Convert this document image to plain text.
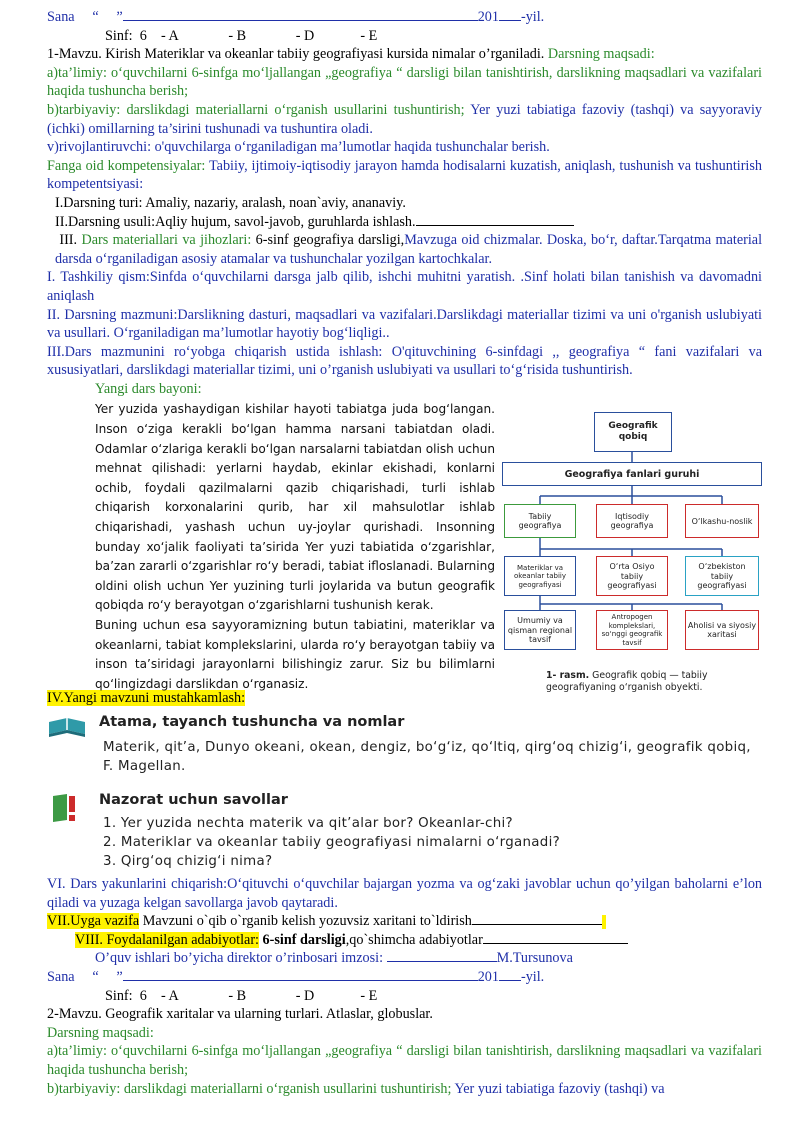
Sana “ ”	201 -yil.

Sinf: 6 - A	- B	- D	- E

1-Mavzu. Kirish Materiklar va okeanlar tabiiy geografiyasi kursida nimalar o’rganiladi. Darsning maqsadi:

a)ta’limiy: o‘quvchilarni 6-sinfga mo‘ljallangan „geografiya “ darsligi bilan tanishtirish, darslikning maqsadlari va vazifalari haqida tushuncha berish;

b)tarbiyaviy: darslikdagi materiallarni o‘rganish usullarini tushuntirish; Yer yuzi tabiatiga fazoviy (tashqi) va sayyoraviy (ichki) omillarning ta’sirini tushunadi va tushuntira oladi.

v)rivojlantiruvchi: o'quvchilarga o‘rganiladigan ma’lumotlar haqida tushunchalar berish.

Fanga oid kompetensiyalar: Tabiiy, ijtimoiy-iqtisodiy jarayon hamda hodisalarni kuzatish, aniqlash, tushunish va tushuntirish kompetentsiyasi:

I.Darsning turi: Amaliy, nazariy, aralash, noan`aviy, ananaviy.

II.Darsning usuli:Aqliy hujum, savol-javob, guruhlarda ishlash.

III. Dars materiallari va jihozlari: 6-sinf geografiya darsligi,Mavzuga oid chizmalar. Doska, bo‘r, daftar.Tarqatma material darsda o‘rganiladigan asosiy atamalar va tushunchalar yozilgan kartochkalar.

I. Tashkiliy qism:Sinfda o‘quvchilarni darsga jalb qilib, ishchi muhitni yaratish. .Sinf holati bilan tanishish va davomadni aniqlash

II. Darsning mazmuni:Darslikning dasturi, maqsadlari va vazifalari.Darslikdagi materiallar tizimi va uni o'rganish uslubiyati va usullari. O‘rganiladigan ma’lumotlar hayotiy bog‘liqligi..

III.Dars mazmunini ro‘yobga chiqarish ustida ishlash: O'qituvchining 6-sinfdagi ,, geografiya “ fani vazifalari va xususiyatlari, darslikdagi materiallar tizimi, uni o’rganish uslubiyati va usullari to‘g‘risida tushuntirish.

Yangi dars bayoni:

Yer yuzida yashaydigan kishilar hayoti tabiatga juda bog‘langan. Inson o‘ziga kerakli bo‘lgan hamma narsani tabiatdan oladi. Odamlar o‘zlariga kerakli bo‘lgan narsalarni tabiatdan olish uchun mehnat qilishadi: yerlarni haydab, ekinlar ekishadi, konlarni ochib, foydali qazilmalarni qazib chiqarishadi, turli ishlab chiqarish korxonalarini qurib, har xil mahsulotlar ishlab chiqarishadi, yashash uchun uy-joylar qurishadi. Insonning bunday xo‘jalik faoliyati ta’sirida Yer yuzi tabiatida o‘zgarishlar, ba’zan zararli o‘zgarishlar ro‘y beradi, tabiat ifloslanadi. Bularning oldini olish uchun Yer yuzining turli joylarida va butun geografik qobiqda ro‘y berayotgan o‘zgarishlarni tushunish kerak.

Buning uchun esa sayyoramizning butun tabiatini, materiklar va okeanlarni, tabiat komplekslarini, ularda ro‘y berayotgan tabiiy va inson ta’siridagi jarayonlarni bilishingiz zarur. Siz bu bilimlarni qo‘lingizdagi darslikdan o‘rganasiz.

Geografik qobiq
Geografiya fanlari guruhi
Tabiiy geografiya
Iqtisodiy geografiya
O‘lkashu-noslik
Materiklar va okeanlar tabiiy geografiyasi
O‘rta Osiyo tabiiy geografiyasi
O‘zbekiston tabiiy geografiyasi
Umumiy va qisman regional tavsif
Antropogen komplekslari, so‘nggi geografik tavsif
Aholisi va siyosiy xaritasi
1- rasm. Geografik qobiq — tabiiy geografiyaning o‘rganish obyekti.

IV.Yangi mavzuni mustahkamlash:

Atama, tayanch tushuncha va nomlar
Materik, qit’a, Dunyo okeani, okean, dengiz, bo‘g‘iz, qo‘ltiq, qirg‘oq chizig‘i, geografik qobiq, F. Magellan.
Nazorat uchun savollar
1. Yer yuzida nechta materik va qit’alar bor? Okeanlar-chi?
2. Materiklar va okeanlar tabiiy geografiyasi nimalarni o‘rganadi?
3. Qirg‘oq chizig‘i nima?

VI. Dars yakunlarini chiqarish:O‘qituvchi o‘quvchilar bajargan yozma va og‘zaki javoblar uchun qo’yilgan baholarni e’lon qiladi va yuzaga kelgan savollarga javob qaytaradi.

VII.Uyga vazifa Mavzuni o`qib o`rganib kelish yozuvsiz xaritani to`ldirish

VIII. Foydalanilgan adabiyotlar: 6-sinf darsligi,qo`shimcha adabiyotlar

O’quv ishlari bo’yicha direktor o’rinbosari imzosi:	M.Tursunova

Sana “ ”	201 -yil.

Sinf: 6 - A	- B	- D	- E

2-Mavzu. Geografik xaritalar va ularning turlari. Atlaslar, globuslar.

Darsning maqsadi:

a)ta’limiy: o‘quvchilarni 6-sinfga mo‘ljallangan „geografiya “ darsligi bilan tanishtirish, darslikning maqsadlari va vazifalari haqida tushuncha berish;

b)tarbiyaviy: darslikdagi materiallarni o‘rganish usullarini tushuntirish; Yer yuzi tabiatiga fazoviy (tashqi) va
